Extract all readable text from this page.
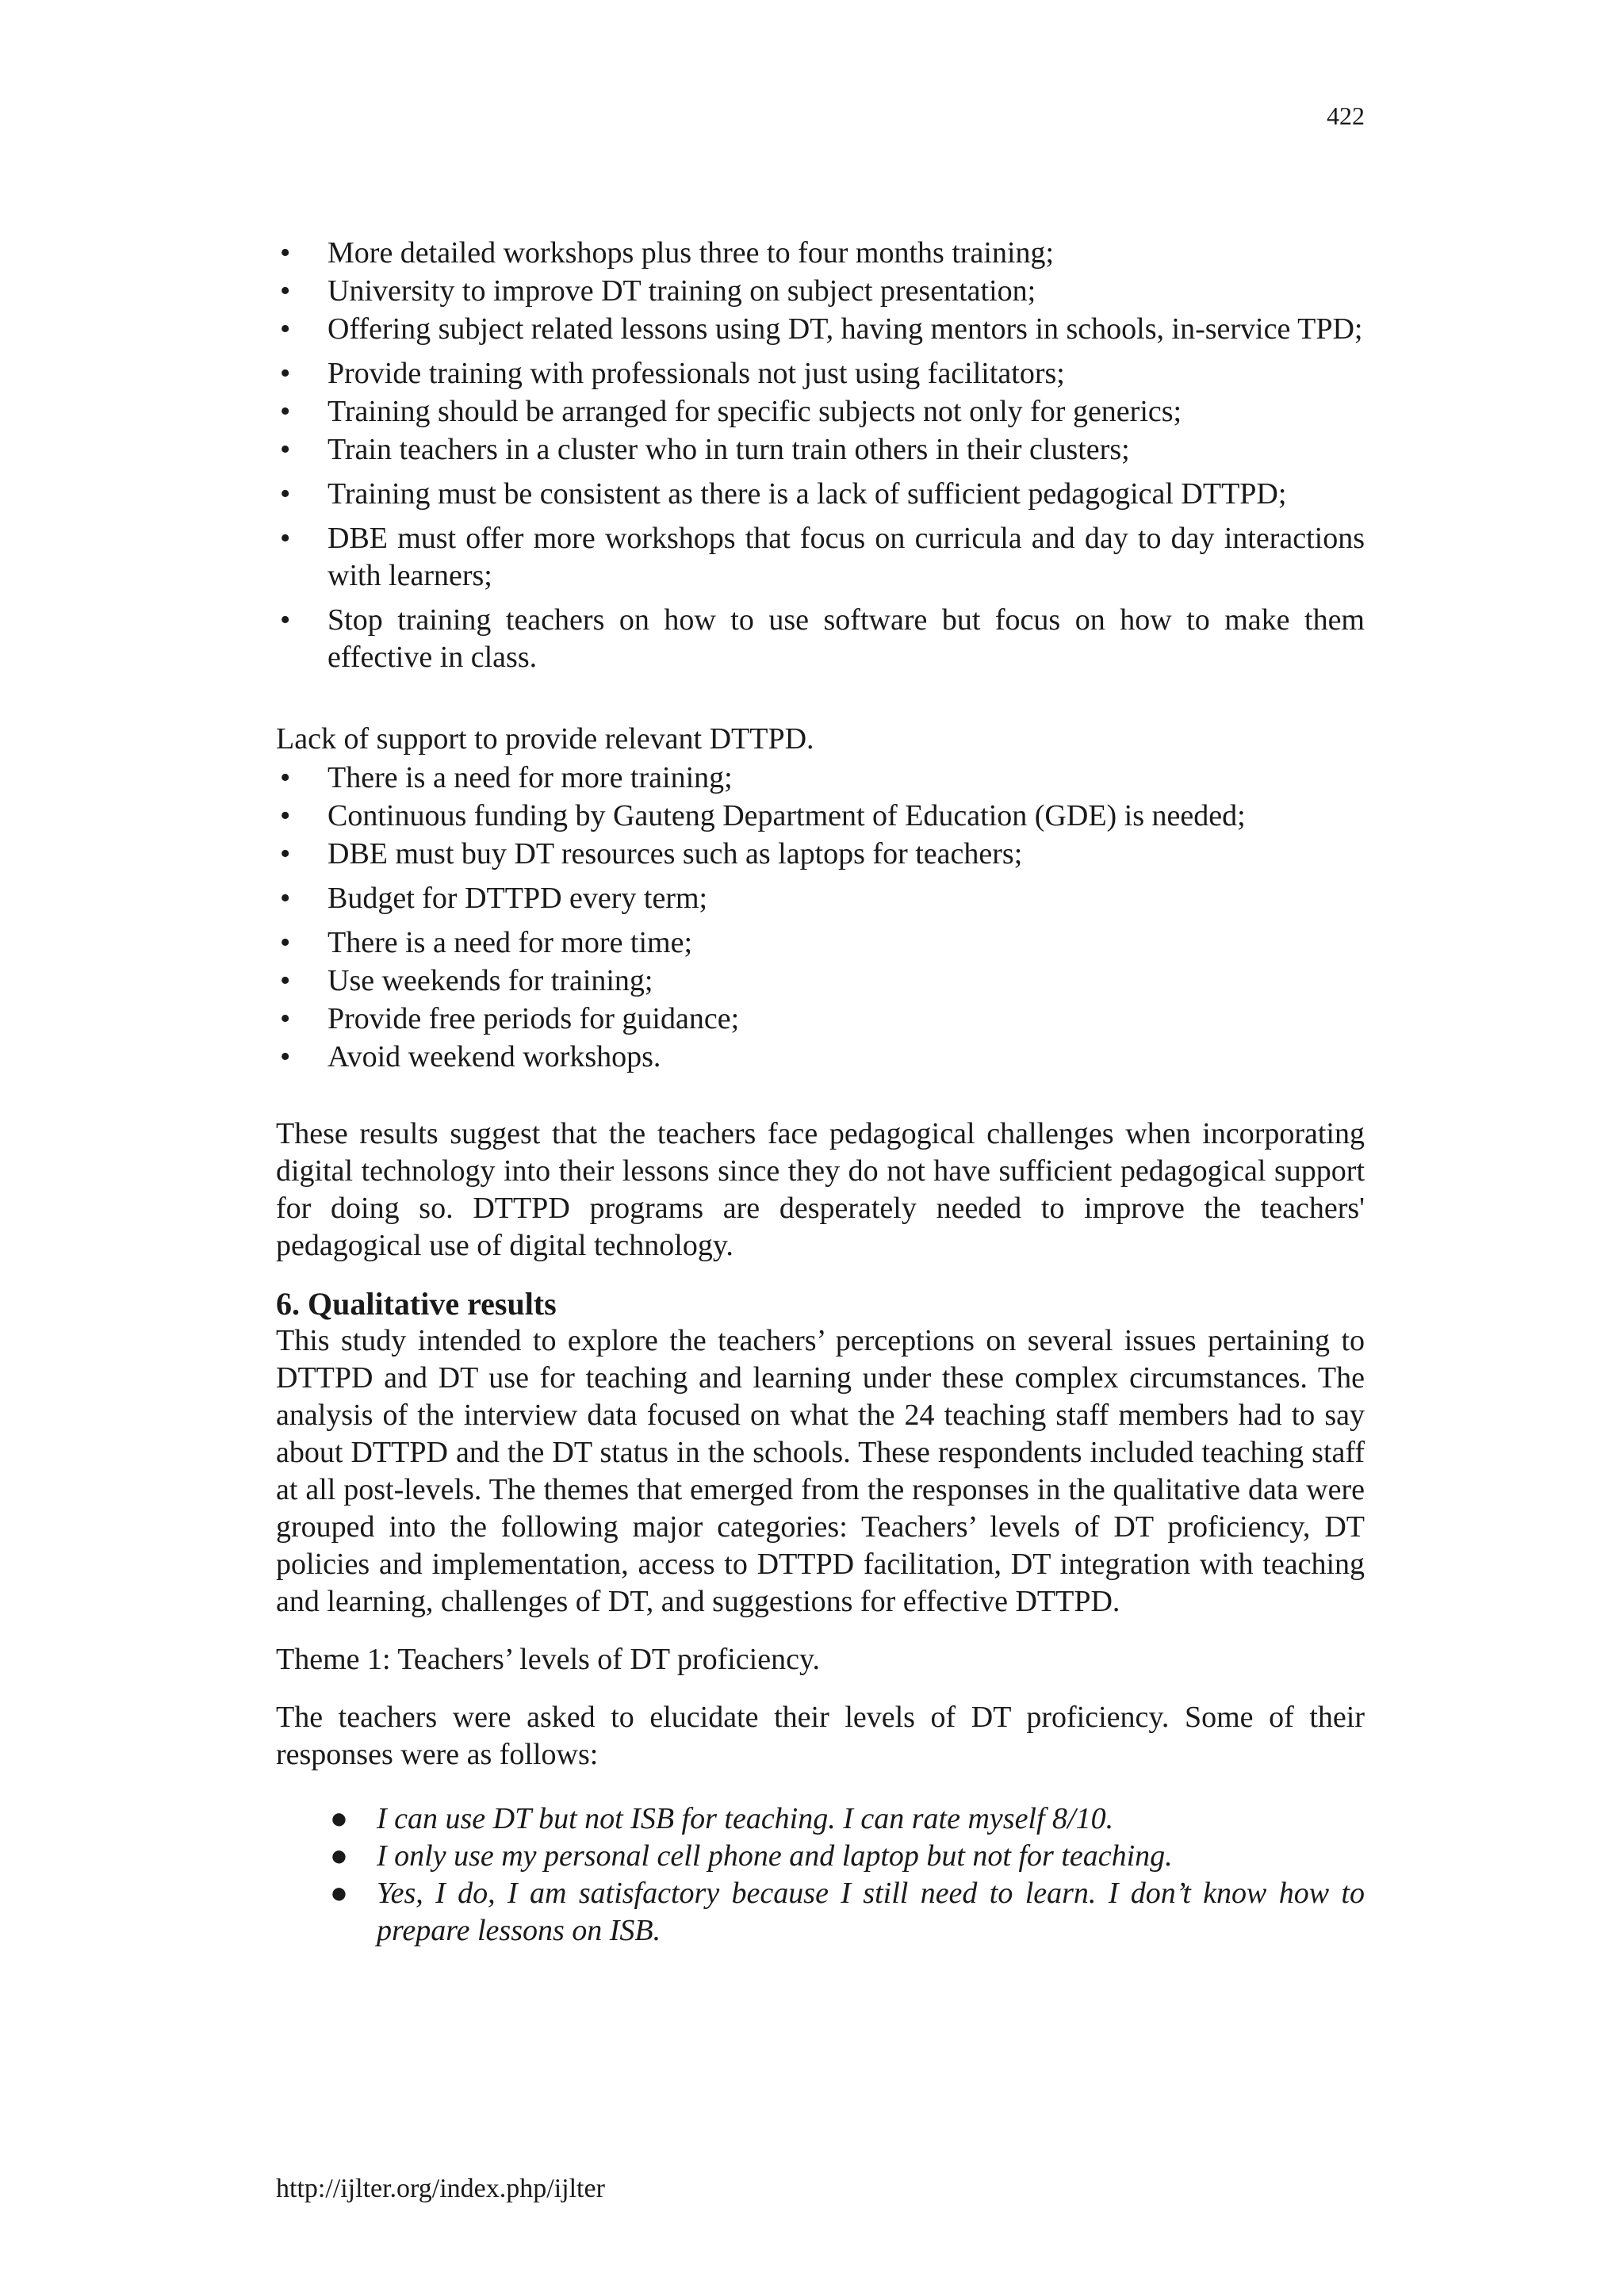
422
• More detailed workshops plus three to four months training;
• University to improve DT training on subject presentation;
• Offering subject related lessons using DT, having mentors in schools, in-service TPD;
• Provide training with professionals not just using facilitators;
• Training should be arranged for specific subjects not only for generics;
• Train teachers in a cluster who in turn train others in their clusters;
• Training must be consistent as there is a lack of sufficient pedagogical DTTPD;
• DBE must offer more workshops that focus on curricula and day to day interactions with learners;
• Stop training teachers on how to use software but focus on how to make them effective in class.

Lack of support to provide relevant DTTPD.

• There is a need for more training;
• Continuous funding by Gauteng Department of Education (GDE) is needed;
• DBE must buy DT resources such as laptops for teachers;
• Budget for DTTPD every term;
• There is a need for more time;
• Use weekends for training;
• Provide free periods for guidance;
• Avoid weekend workshops.

These results suggest that the teachers face pedagogical challenges when incorporating digital technology into their lessons since they do not have sufficient pedagogical support for doing so. DTTPD programs are desperately needed to improve the teachers' pedagogical use of digital technology.

6. Qualitative results

This study intended to explore the teachers’ perceptions on several issues pertaining to DTTPD and DT use for teaching and learning under these complex circumstances. The analysis of the interview data focused on what the 24 teaching staff members had to say about DTTPD and the DT status in the schools. These respondents included teaching staff at all post-levels. The themes that emerged from the responses in the qualitative data were grouped into the following major categories: Teachers’ levels of DT proficiency, DT policies and implementation, access to DTTPD facilitation, DT integration with teaching and learning, challenges of DT, and suggestions for effective DTTPD.

Theme 1: Teachers’ levels of DT proficiency.

The teachers were asked to elucidate their levels of DT proficiency. Some of their responses were as follows:

● I can use DT but not ISB for teaching. I can rate myself 8/10.
● I only use my personal cell phone and laptop but not for teaching.
● Yes, I do, I am satisfactory because I still need to learn. I don’t know how to prepare lessons on ISB.
http://ijlter.org/index.php/ijlter
